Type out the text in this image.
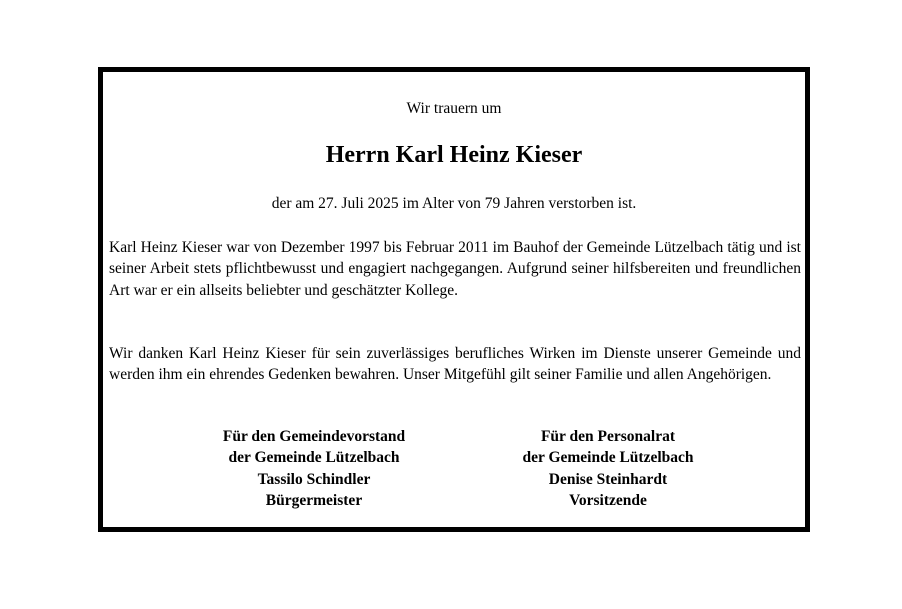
Wir trauern um
Herrn Karl Heinz Kieser
der am 27. Juli 2025 im Alter von 79 Jahren verstorben ist.

Karl Heinz Kieser war von Dezember 1997 bis Februar 2011 im Bauhof der Gemeinde Lützelbach tätig und ist seiner Arbeit stets pflichtbewusst und engagiert nachgegangen. Aufgrund seiner hilfsbereiten und freundlichen Art war er ein allseits beliebter und geschätzter Kollege.

Wir danken Karl Heinz Kieser für sein zuverlässiges berufliches Wirken im Dienste unserer Gemeinde und werden ihm ein ehrendes Gedenken bewahren. Unser Mitgefühl gilt seiner Familie und allen Angehörigen.

Für den Gemeindevorstand
der Gemeinde Lützelbach
Tassilo Schindler
Bürgermeister
Für den Personalrat
der Gemeinde Lützelbach
Denise Steinhardt
Vorsitzende
